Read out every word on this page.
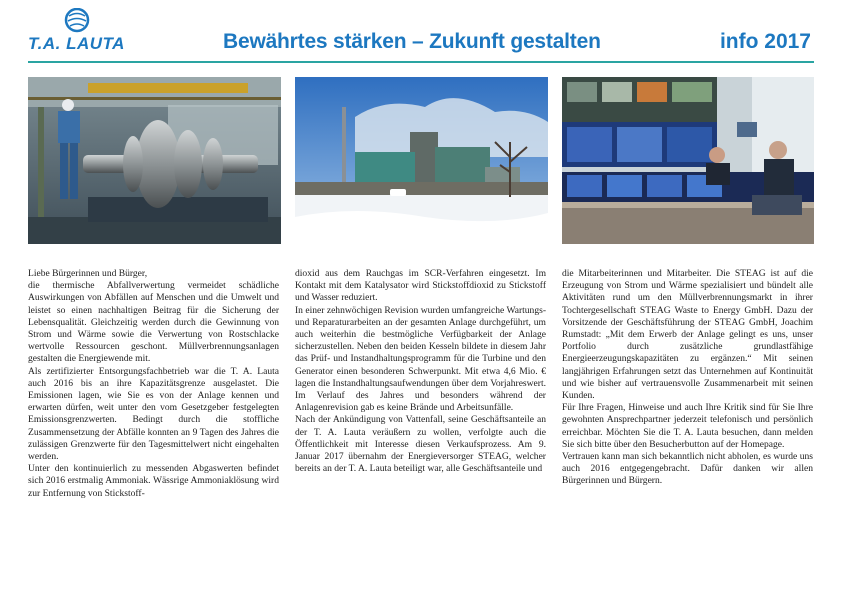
T.A. LAUTA	Bewährtes stärken – Zukunft gestalten	info 2017

Liebe Bürgerinnen und Bürger,

die thermische Abfallverwertung vermeidet schädliche Auswirkungen von Abfällen auf Menschen und die Umwelt und leistet so einen nachhaltigen Beitrag für die Sicherung der Lebensqualität. Gleichzeitig werden durch die Gewinnung von Strom und Wärme sowie die Verwertung von Rostschlacke wertvolle Ressourcen geschont. Müllverbrennungsanlagen gestalten die Energiewende mit.

Als zertifizierter Entsorgungsfachbetrieb war die T. A. Lauta auch 2016 bis an ihre Kapazitätsgrenze ausgelastet. Die Emissionen lagen, wie Sie es von der Anlage kennen und erwarten dürfen, weit unter den vom Gesetzgeber festgelegten Emissionsgrenzwerten. Bedingt durch die stoffliche Zusammensetzung der Abfälle konnten an 9 Tagen des Jahres die zulässigen Grenzwerte für den Tagesmittelwert nicht eingehalten werden.

Unter den kontinuierlich zu messenden Abgaswerten befindet sich 2016 erstmalig Ammoniak. Wässrige Ammoniaklösung wird zur Entfernung von Stickstoff-

dioxid aus dem Rauchgas im SCR-Verfahren eingesetzt. Im Kontakt mit dem Katalysator wird Stickstoffdioxid zu Stickstoff und Wasser reduziert.

In einer zehnwöchigen Revision wurden umfangreiche Wartungs- und Reparaturarbeiten an der gesamten Anlage durchgeführt, um auch weiterhin die bestmögliche Verfügbarkeit der Anlage sicherzustellen. Neben den beiden Kesseln bildete in diesem Jahr das Prüf- und Instandhaltungsprogramm für die Turbine und den Generator einen besonderen Schwerpunkt. Mit etwa 4,6 Mio. € lagen die Instandhaltungsaufwendungen über dem Vorjahreswert. Im Verlauf des Jahres und besonders während der Anlagenrevision gab es keine Brände und Arbeitsunfälle.

Nach der Ankündigung von Vattenfall, seine Geschäftsanteile an der T. A. Lauta veräußern zu wollen, verfolgte auch die Öffentlichkeit mit Interesse diesen Verkaufsprozess. Am 9. Januar 2017 übernahm der Energieversorger STEAG, welcher bereits an der T. A. Lauta beteiligt war, alle Geschäftsanteile und

die Mitarbeiterinnen und Mitarbeiter. Die STEAG ist auf die Erzeugung von Strom und Wärme spezialisiert und bündelt alle Aktivitäten rund um den Müllverbrennungsmarkt in ihrer Tochtergesellschaft STEAG Waste to Energy GmbH. Dazu der Vorsitzende der Geschäftsführung der STEAG GmbH, Joachim Rumstadt: „Mit dem Erwerb der Anlage gelingt es uns, unser Portfolio durch zusätzliche grundlastfähige Energieerzeugungskapazitäten zu ergänzen.“ Mit seinen langjährigen Erfahrungen setzt das Unternehmen auf Kontinuität und wie bisher auf vertrauensvolle Zusammenarbeit mit seinen Kunden.

Für Ihre Fragen, Hinweise und auch Ihre Kritik sind für Sie Ihre gewohnten Ansprechpartner jederzeit telefonisch und persönlich erreichbar. Möchten Sie die T. A. Lauta besuchen, dann melden Sie sich bitte über den Besucherbutton auf der Homepage.

Vertrauen kann man sich bekanntlich nicht abholen, es wurde uns auch 2016 entgegengebracht. Dafür danken wir allen Bürgerinnen und Bürgern.
